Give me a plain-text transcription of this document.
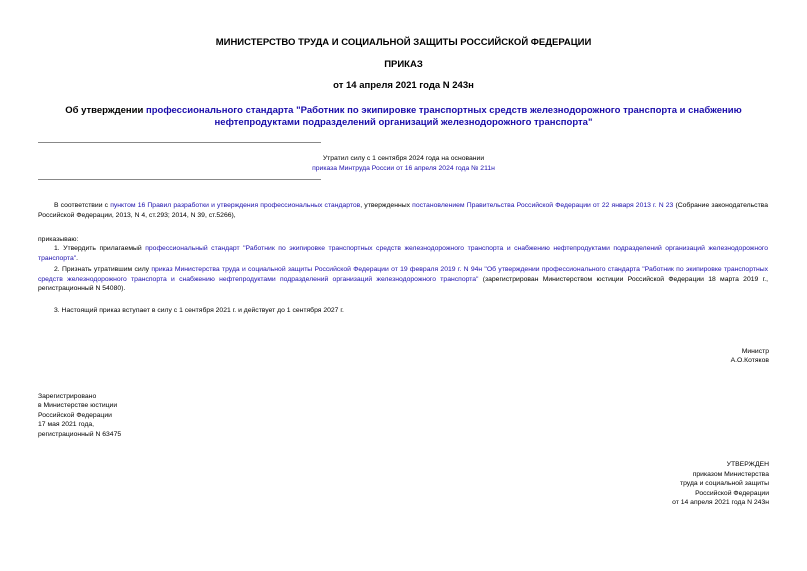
МИНИСТЕРСТВО ТРУДА И СОЦИАЛЬНОЙ ЗАЩИТЫ РОССИЙСКОЙ ФЕДЕРАЦИИ
ПРИКАЗ
от 14 апреля 2021 года N 243н
Об утверждении профессионального стандарта "Работник по экипировке транспортных средств железнодорожного транспорта и снабжению нефтепродуктами подразделений организаций железнодорожного транспорта"
Утратил силу с 1 сентября 2024 года на основании
приказа Минтруда России от 16 апреля 2024 года № 211н
В соответствии с пунктом 16 Правил разработки и утверждения профессиональных стандартов, утвержденных постановлением Правительства Российской Федерации от 22 января 2013 г. N 23 (Собрание законодательства Российской Федерации, 2013, N 4, ст.293; 2014, N 39, ст.5266),
приказываю:
1. Утвердить прилагаемый профессиональный стандарт "Работник по экипировке транспортных средств железнодорожного транспорта и снабжению нефтепродуктами подразделений организаций железнодорожного транспорта".
2. Признать утратившим силу приказ Министерства труда и социальной защиты Российской Федерации от 19 февраля 2019 г. N 94н "Об утверждении профессионального стандарта "Работник по экипировке транспортных средств железнодорожного транспорта и снабжению нефтепродуктами подразделений организаций железнодорожного транспорта" (зарегистрирован Министерством юстиции Российской Федерации 18 марта 2019 г., регистрационный N 54080).
3. Настоящий приказ вступает в силу с 1 сентября 2021 г. и действует до 1 сентября 2027 г.
Министр
А.О.Котяков
Зарегистрировано
в Министерстве юстиции
Российской Федерации
17 мая 2021 года,
регистрационный N 63475
УТВЕРЖДЕН
приказом Министерства
труда и социальной защиты
Российской Федерации
от 14 апреля 2021 года N 243н
